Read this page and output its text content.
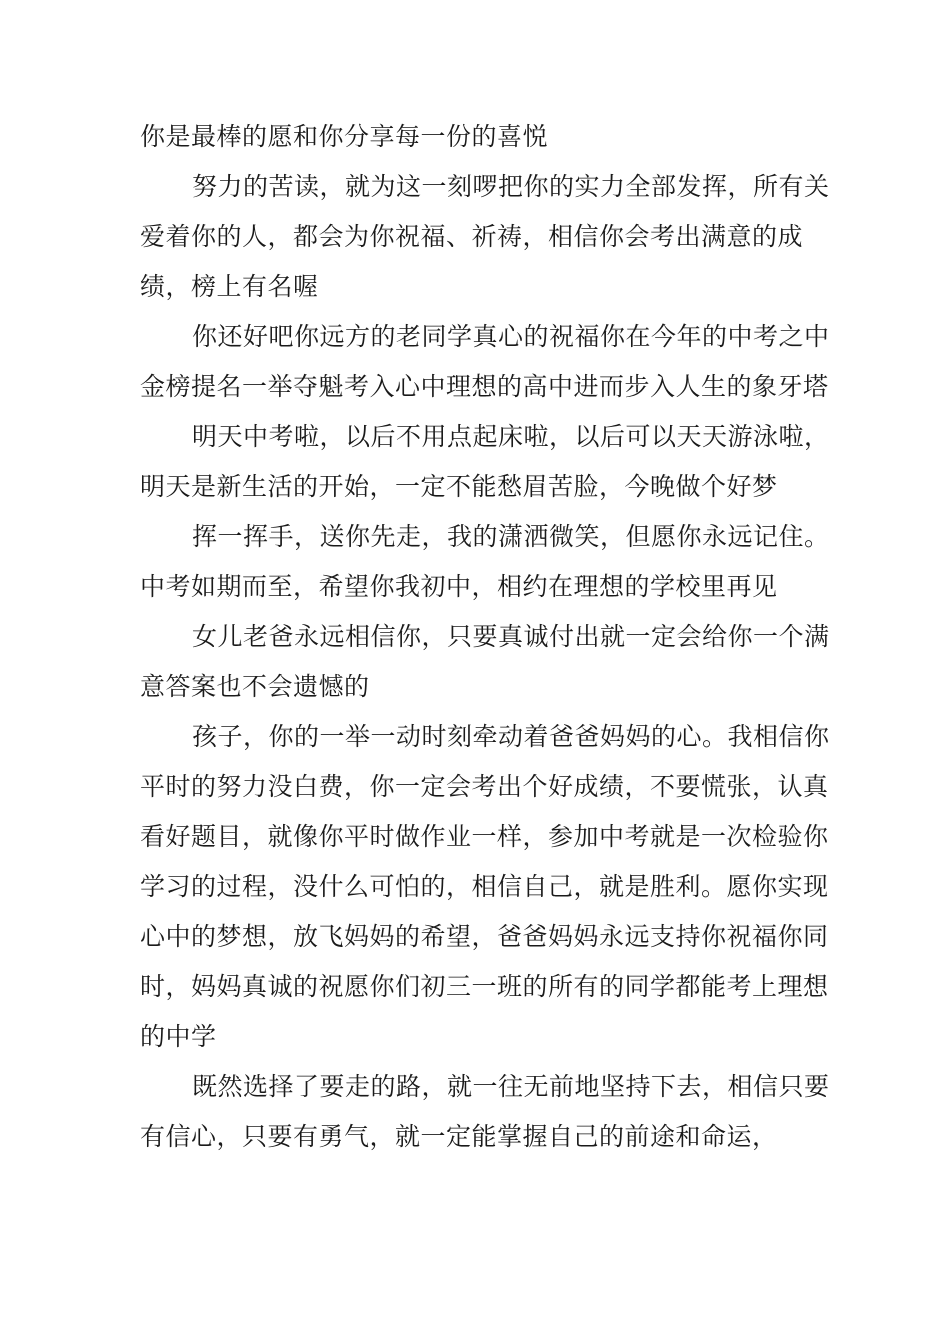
你是最棒的愿和你分享每一份的喜悦

努力的苦读，就为这一刻啰把你的实力全部发挥，所有关爱着你的人，都会为你祝福、祈祷，相信你会考出满意的成绩，榜上有名喔

你还好吧你远方的老同学真心的祝福你在今年的中考之中金榜提名一举夺魁考入心中理想的高中进而步入人生的象牙塔

明天中考啦，以后不用点起床啦，以后可以天天游泳啦，明天是新生活的开始，一定不能愁眉苦脸，今晚做个好梦

挥一挥手，送你先走，我的潇洒微笑，但愿你永远记住。中考如期而至，希望你我初中，相约在理想的学校里再见

女儿老爸永远相信你，只要真诚付出就一定会给你一个满意答案也不会遗憾的

孩子，你的一举一动时刻牵动着爸爸妈妈的心。我相信你平时的努力没白费，你一定会考出个好成绩，不要慌张，认真看好题目，就像你平时做作业一样，参加中考就是一次检验你学习的过程，没什么可怕的，相信自己，就是胜利。愿你实现心中的梦想，放飞妈妈的希望，爸爸妈妈永远支持你祝福你同时，妈妈真诚的祝愿你们初三一班的所有的同学都能考上理想的中学

既然选择了要走的路，就一往无前地坚持下去，相信只要有信心，只要有勇气，就一定能掌握自己的前途和命运，
